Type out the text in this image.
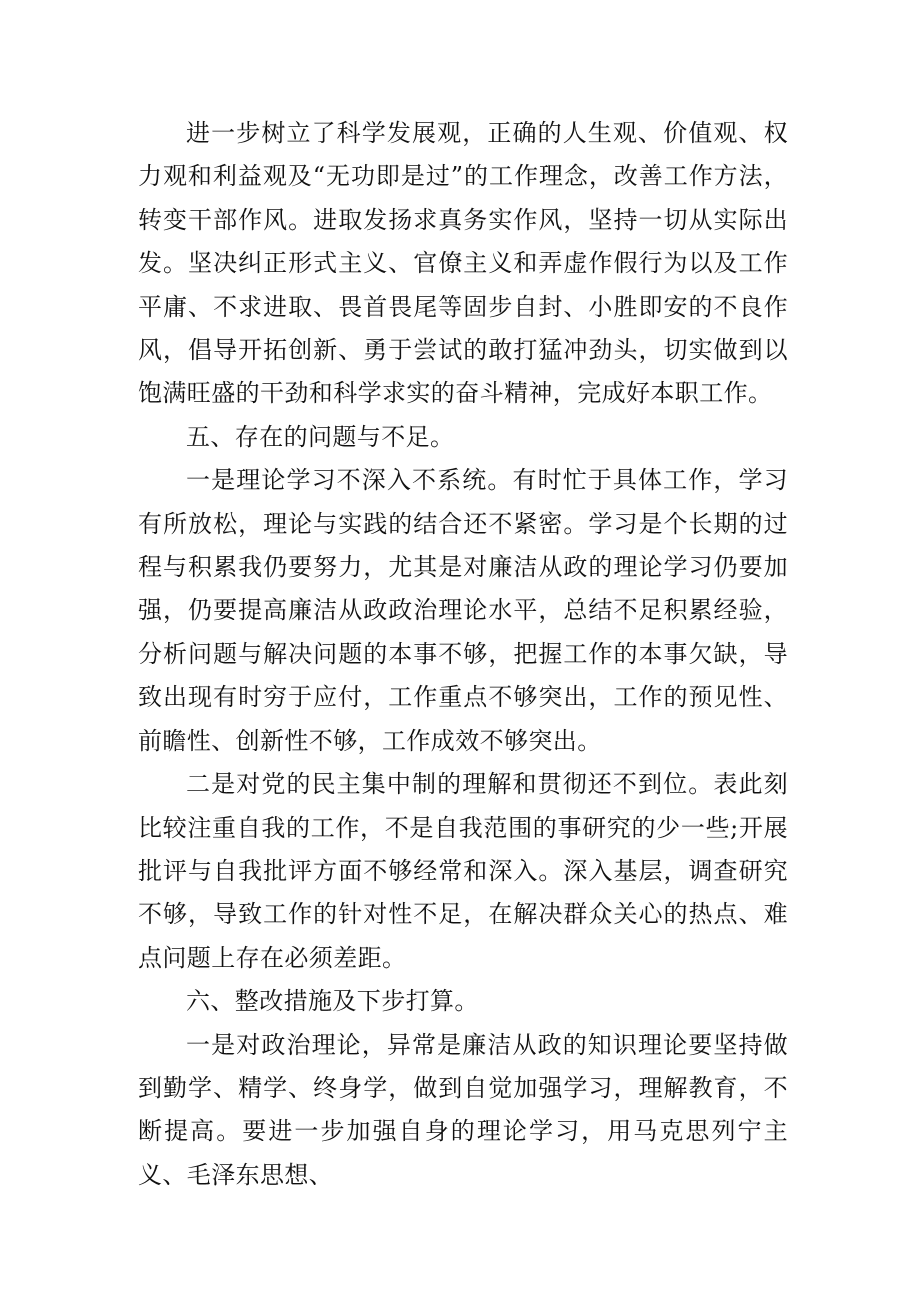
进一步树立了科学发展观，正确的人生观、价值观、权力观和利益观及“无功即是过”的工作理念，改善工作方法，转变干部作风。进取发扬求真务实作风，坚持一切从实际出发。坚决纠正形式主义、官僚主义和弄虚作假行为以及工作平庸、不求进取、畏首畏尾等固步自封、小胜即安的不良作风，倡导开拓创新、勇于尝试的敢打猛冲劲头，切实做到以饱满旺盛的干劲和科学求实的奋斗精神，完成好本职工作。

五、存在的问题与不足。

一是理论学习不深入不系统。有时忙于具体工作，学习有所放松，理论与实践的结合还不紧密。学习是个长期的过程与积累我仍要努力，尤其是对廉洁从政的理论学习仍要加强，仍要提高廉洁从政政治理论水平，总结不足积累经验，分析问题与解决问题的本事不够，把握工作的本事欠缺，导致出现有时穷于应付，工作重点不够突出，工作的预见性、前瞻性、创新性不够，工作成效不够突出。

二是对党的民主集中制的理解和贯彻还不到位。表此刻比较注重自我的工作，不是自我范围的事研究的少一些;开展批评与自我批评方面不够经常和深入。深入基层，调查研究不够，导致工作的针对性不足，在解决群众关心的热点、难点问题上存在必须差距。

六、整改措施及下步打算。

一是对政治理论，异常是廉洁从政的知识理论要坚持做到勤学、精学、终身学，做到自觉加强学习，理解教育，不断提高。要进一步加强自身的理论学习，用马克思列宁主义、毛泽东思想、
